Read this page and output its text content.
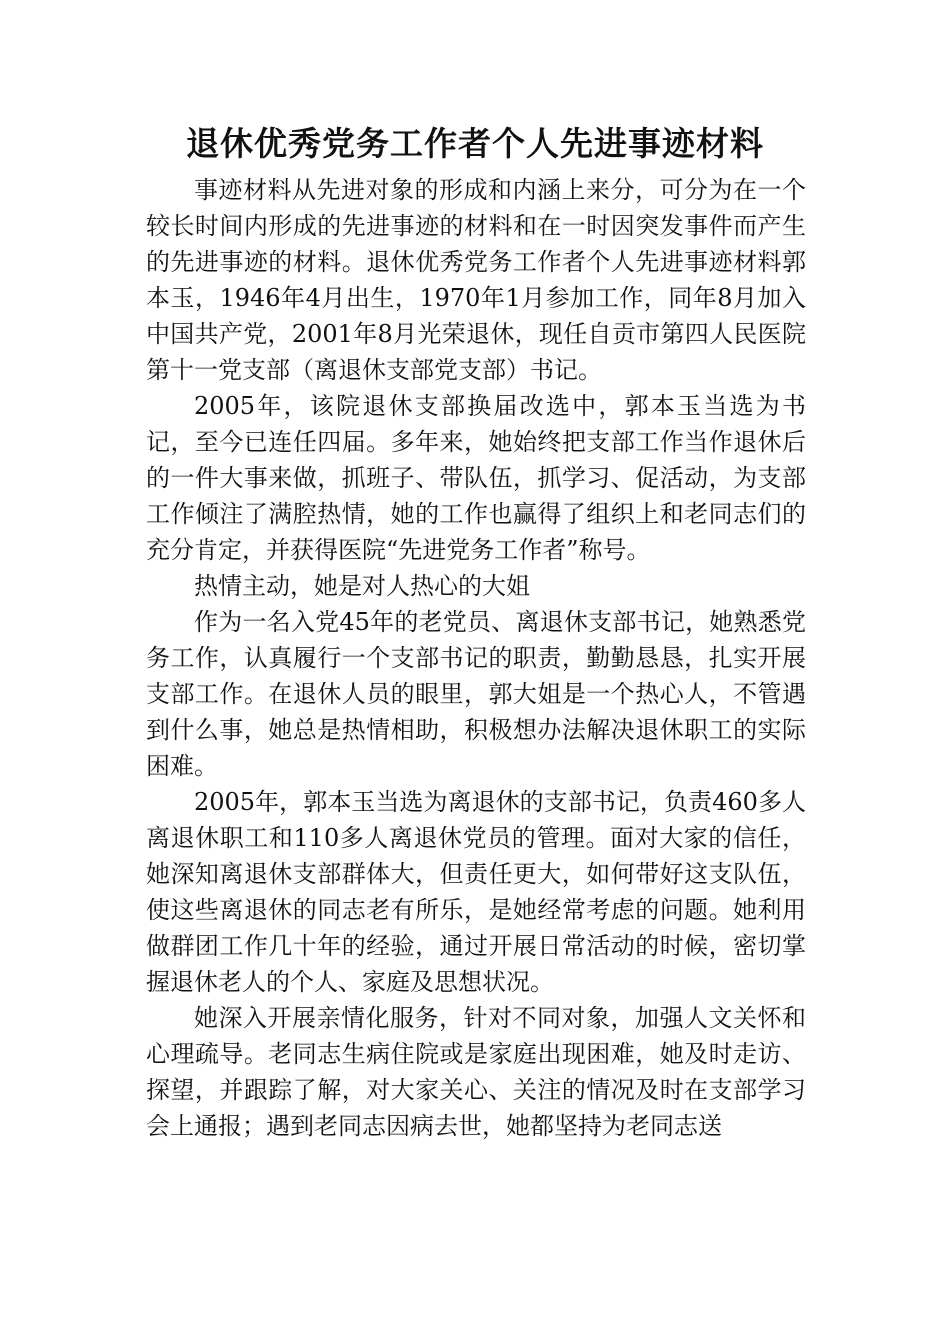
退休优秀党务工作者个人先进事迹材料

事迹材料从先进对象的形成和内涵上来分，可分为在一个较长时间内形成的先进事迹的材料和在一时因突发事件而产生的先进事迹的材料。退休优秀党务工作者个人先进事迹材料郭本玉，1946年4月出生，1970年1月参加工作，同年8月加入中国共产党，2001年8月光荣退休，现任自贡市第四人民医院第十一党支部（离退休支部党支部）书记。

2005年，该院退休支部换届改选中，郭本玉当选为书记，至今已连任四届。多年来，她始终把支部工作当作退休后的一件大事来做，抓班子、带队伍，抓学习、促活动，为支部工作倾注了满腔热情，她的工作也赢得了组织上和老同志们的充分肯定，并获得医院“先进党务工作者”称号。

热情主动，她是对人热心的大姐

作为一名入党45年的老党员、离退休支部书记，她熟悉党务工作，认真履行一个支部书记的职责，勤勤恳恳，扎实开展支部工作。在退休人员的眼里，郭大姐是一个热心人，不管遇到什么事，她总是热情相助，积极想办法解决退休职工的实际困难。

2005年，郭本玉当选为离退休的支部书记，负责460多人离退休职工和110多人离退休党员的管理。面对大家的信任，她深知离退休支部群体大，但责任更大，如何带好这支队伍，使这些离退休的同志老有所乐，是她经常考虑的问题。她利用做群团工作几十年的经验，通过开展日常活动的时候，密切掌握退休老人的个人、家庭及思想状况。

她深入开展亲情化服务，针对不同对象，加强人文关怀和心理疏导。老同志生病住院或是家庭出现困难，她及时走访、探望，并跟踪了解，对大家关心、关注的情况及时在支部学习会上通报；遇到老同志因病去世，她都坚持为老同志送
